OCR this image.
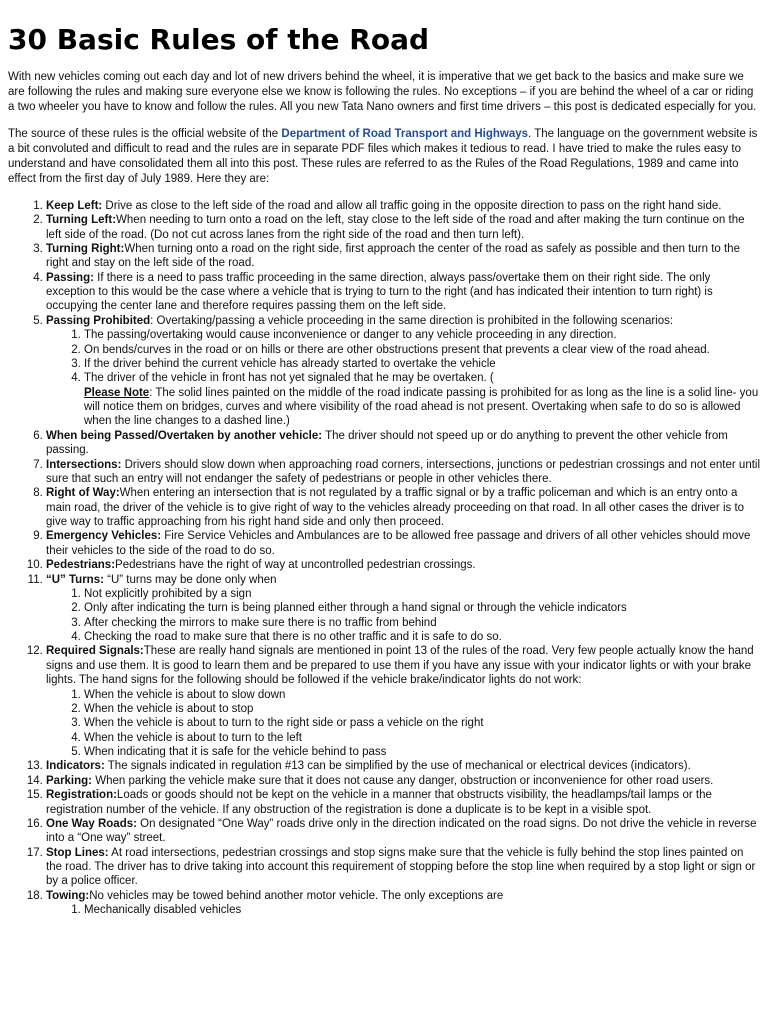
30 Basic Rules of the Road

With new vehicles coming out each day and lot of new drivers behind the wheel, it is imperative that we get back to the basics and make sure we are following the rules and making sure everyone else we know is following the rules. No exceptions – if you are behind the wheel of a car or riding a two wheeler you have to know and follow the rules. All you new Tata Nano owners and first time drivers – this post is dedicated especially for you.

The source of these rules is the official website of the Department of Road Transport and Highways. The language on the government website is a bit convoluted and difficult to read and the rules are in separate PDF files which makes it tedious to read. I have tried to make the rules easy to understand and have consolidated them all into this post. These rules are referred to as the Rules of the Road Regulations, 1989 and came into effect from the first day of July 1989. Here they are:

1. Keep Left: Drive as close to the left side of the road and allow all traffic going in the opposite direction to pass on the right hand side.
2. Turning Left:When needing to turn onto a road on the left, stay close to the left side of the road and after making the turn continue on the left side of the road. (Do not cut across lanes from the right side of the road and then turn left).
3. Turning Right:When turning onto a road on the right side, first approach the center of the road as safely as possible and then turn to the right and stay on the left side of the road.
4. Passing: If there is a need to pass traffic proceeding in the same direction, always pass/overtake them on their right side. The only exception to this would be the case where a vehicle that is trying to turn to the right (and has indicated their intention to turn right) is occupying the center lane and therefore requires passing them on the left side.
5. Passing Prohibited: Overtaking/passing a vehicle proceeding in the same direction is prohibited in the following scenarios:
1. The passing/overtaking would cause inconvenience or danger to any vehicle proceeding in any direction.
2. On bends/curves in the road or on hills or there are other obstructions present that prevents a clear view of the road ahead.
3. If the driver behind the current vehicle has already started to overtake the vehicle
4. The driver of the vehicle in front has not yet signaled that he may be overtaken. (
Please Note: The solid lines painted on the middle of the road indicate passing is prohibited for as long as the line is a solid line- you will notice them on bridges, curves and where visibility of the road ahead is not present. Overtaking when safe to do so is allowed when the line changes to a dashed line.)
6. When being Passed/Overtaken by another vehicle: The driver should not speed up or do anything to prevent the other vehicle from passing.
7. Intersections: Drivers should slow down when approaching road corners, intersections, junctions or pedestrian crossings and not enter until sure that such an entry will not endanger the safety of pedestrians or people in other vehicles there.
8. Right of Way:When entering an intersection that is not regulated by a traffic signal or by a traffic policeman and which is an entry onto a main road, the driver of the vehicle is to give right of way to the vehicles already proceeding on that road. In all other cases the driver is to give way to traffic approaching from his right hand side and only then proceed.
9. Emergency Vehicles: Fire Service Vehicles and Ambulances are to be allowed free passage and drivers of all other vehicles should move their vehicles to the side of the road to do so.
10. Pedestrians:Pedestrians have the right of way at uncontrolled pedestrian crossings.
11. “U” Turns: “U” turns may be done only when
1. Not explicitly prohibited by a sign
2. Only after indicating the turn is being planned either through a hand signal or through the vehicle indicators
3. After checking the mirrors to make sure there is no traffic from behind
4. Checking the road to make sure that there is no other traffic and it is safe to do so.
12. Required Signals:These are really hand signals are mentioned in point 13 of the rules of the road. Very few people actually know the hand signs and use them. It is good to learn them and be prepared to use them if you have any issue with your indicator lights or with your brake lights. The hand signs for the following should be followed if the vehicle brake/indicator lights do not work:
1. When the vehicle is about to slow down
2. When the vehicle is about to stop
3. When the vehicle is about to turn to the right side or pass a vehicle on the right
4. When the vehicle is about to turn to the left
5. When indicating that it is safe for the vehicle behind to pass
13. Indicators: The signals indicated in regulation #13 can be simplified by the use of mechanical or electrical devices (indicators).
14. Parking: When parking the vehicle make sure that it does not cause any danger, obstruction or inconvenience for other road users.
15. Registration:Loads or goods should not be kept on the vehicle in a manner that obstructs visibility, the headlamps/tail lamps or the registration number of the vehicle. If any obstruction of the registration is done a duplicate is to be kept in a visible spot.
16. One Way Roads: On designated “One Way” roads drive only in the direction indicated on the road signs. Do not drive the vehicle in reverse into a “One way” street.
17. Stop Lines: At road intersections, pedestrian crossings and stop signs make sure that the vehicle is fully behind the stop lines painted on the road. The driver has to drive taking into account this requirement of stopping before the stop line when required by a stop light or sign or by a police officer.
18. Towing:No vehicles may be towed behind another motor vehicle. The only exceptions are
1. Mechanically disabled vehicles
